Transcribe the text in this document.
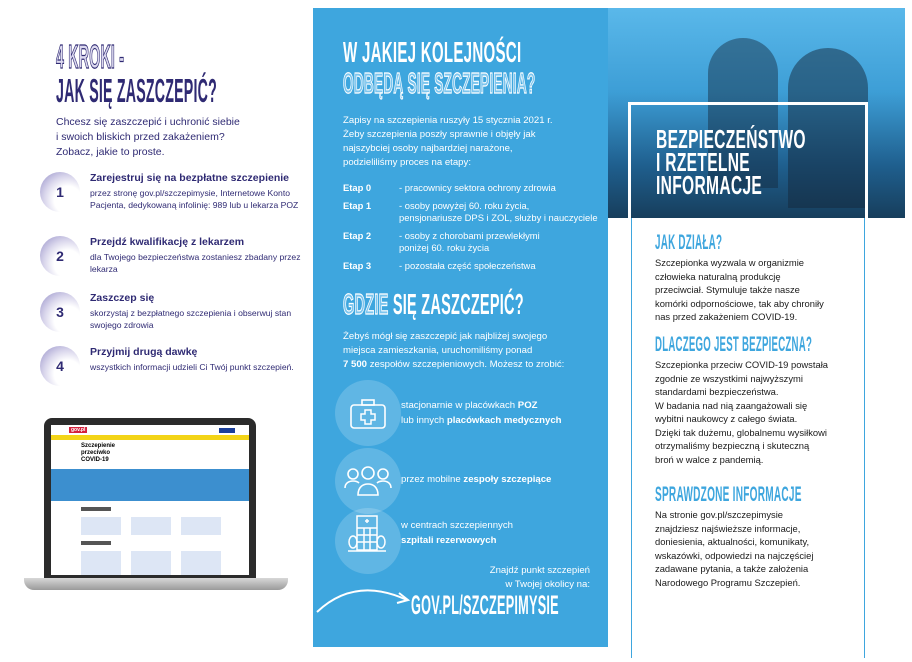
4 KROKI -
JAK SIĘ ZASZCZEPIĆ?
Chcesz się zaszczepić i uchronić siebie
i swoich bliskich przed zakażeniem?
Zobacz, jakie to proste.
1
Zarejestruj się na bezpłatne szczepienie
przez stronę gov.pl/szczepimysie, Internetowe Konto Pacjenta, dedykowaną infolinię: 989 lub u lekarza POZ
2
Przejdź kwalifikację z lekarzem
dla Twojego bezpieczeństwa zostaniesz zbadany przez lekarza
3
Zaszczep się
skorzystaj z bezpłatnego szczepienia i obserwuj stan swojego zdrowia
4
Przyjmij drugą dawkę
wszystkich informacji udzieli Ci Twój punkt szczepień.
gov.pl
Szczepienie przeciwko COVID-19
W JAKIEJ KOLEJNOŚCI
ODBĘDĄ SIĘ SZCZEPIENIA?
Zapisy na szczepienia ruszyły 15 stycznia 2021 r.
Żeby szczepienia poszły sprawnie i objęły jak
najszybciej osoby najbardziej narażone,
podzieliliśmy proces na etapy:
Etap 0	- pracownicy sektora ochrony zdrowia
Etap 1	- osoby powyżej 60. roku życia,
pensjonariusze DPS i ZOL, służby i nauczyciele
Etap 2	- osoby z chorobami przewlekłymi
poniżej 60. roku życia
Etap 3	- pozostała część społeczeństwa
GDZIE SIĘ ZASZCZEPIĆ?
Żebyś mógł się zaszczepić jak najbliżej swojego
miejsca zamieszkania, uruchomiliśmy ponad
7 500 zespołów szczepieniowych. Możesz to zrobić:
stacjonarnie w placówkach POZ
lub innych placówkach medycznych
przez mobilne zespoły szczepiące
w centrach szczepiennych
szpitali rezerwowych
Znajdź punkt szczepień
w Twojej okolicy na:
GOV.PL/SZCZEPIMYSIE
BEZPIECZEŃSTWO
I RZETELNE
INFORMACJE
JAK DZIAŁA?
Szczepionka wyzwala w organizmie
człowieka naturalną produkcję
przeciwciał. Stymuluje także nasze
komórki odpornościowe, tak aby chroniły
nas przed zakażeniem COVID-19.
DLACZEGO JEST BEZPIECZNA?
Szczepionka przeciw COVID-19 powstała
zgodnie ze wszystkimi najwyższymi
standardami bezpieczeństwa.
W badania nad nią zaangażowali się
wybitni naukowcy z całego świata.
Dzięki tak dużemu, globalnemu wysiłkowi
otrzymaliśmy bezpieczną i skuteczną
broń w walce z pandemią.
SPRAWDZONE INFORMACJE
Na stronie gov.pl/szczepimysie
znajdziesz najświeższe informacje,
doniesienia, aktualności, komunikaty,
wskazówki, odpowiedzi na najczęściej
zadawane pytania, a także założenia
Narodowego Programu Szczepień.
